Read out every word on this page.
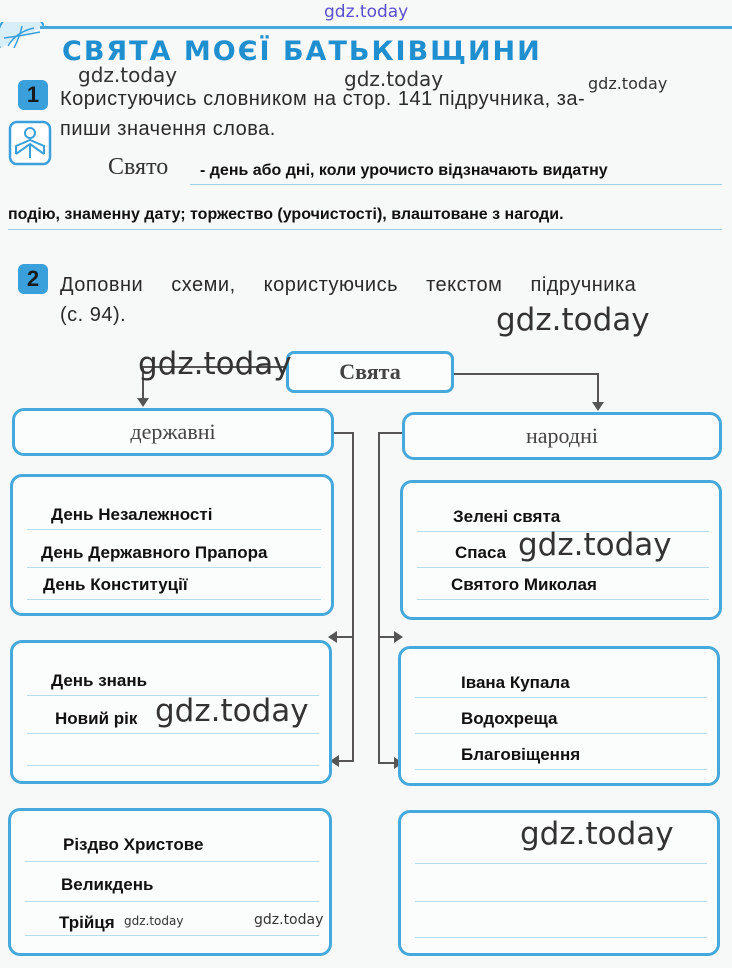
gdz.today
СВЯТА МОЄЇ БАТЬКІВЩИНИ
gdz.today	gdz.today	gdz.today
1	Користуючись словником на стор. 141 підручника, за-
пиши значення слова.
Свято - день або дні, коли урочисто відзначають видатну
подію, знаменну дату; торжество (урочистості), влаштоване з нагоди.
2	Доповни схеми, користуючись текстом підручника
(с. 94).	gdz.today
Свята
державні	народні
gdz.today
День Незалежності
День Державного Прапора
День Конституції
День знань
Новий рік
Різдво Христове
Великдень
Трійця
Зелені свята
Спаса
Святого Миколая
Івана Купала
Водохреща
Благовіщення
gdz.today
gdz.today
gdz.today
gdz.today	gdz.today
